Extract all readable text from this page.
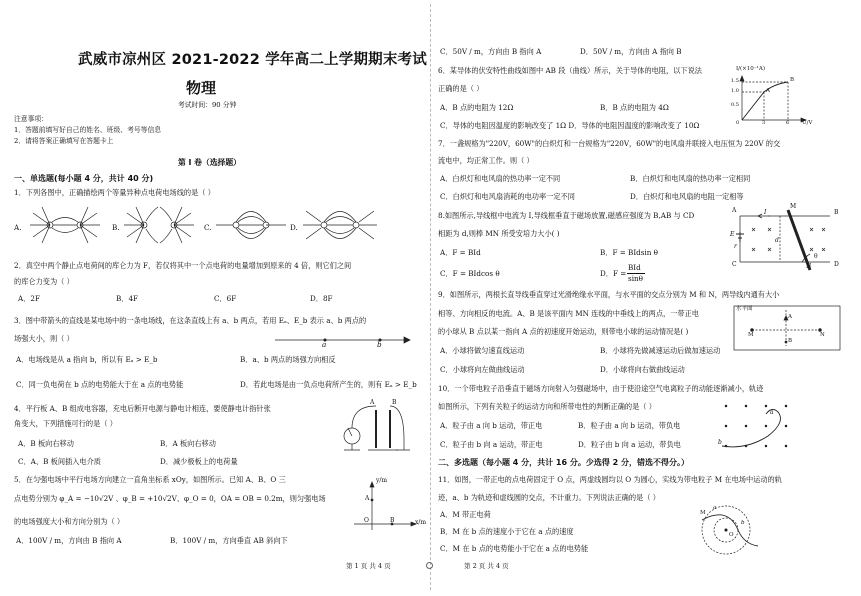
武威市凉州区 2021-2022 学年高二上学期期末考试
物理
考试时间：90 分钟
注意事项：
1．答题前填写好自己的姓名、班级、考号等信息
2．请将答案正确填写在答题卡上
第 I 卷（选择题）
一、单选题(每小题 4 分，共计 40 分)
1．下列各图中，正确描绘两个等量异种点电荷电场线的是（ ）
A.	B.	C.	D.
2．真空中两个静止点电荷间的库仑力为 F，若仅将其中一个点电荷的电量增加到原来的 4 倍，则它们之间
的库仑力变为（ ）
A．2F	B．4F	C．6F	D．8F
3．图中带箭头的直线是某电场中的一条电场线，在这条直线上有 a、b 两点，若用 Eₐ、E_b 表示 a、b 两点的
场强大小，则（ ）
a	b
A．电场线是从 a 指向 b，所以有 Eₐ > E_b	B．a、b 两点的场强方向相反
C．同一负电荷在 b 点的电势能大于在 a 点的电势能	D．若此电场是由一负点电荷所产生的，则有 Eₐ > E_b
4．平行板 A、B 组成电容器，充电后断开电源与静电计相连，要使静电计指针张
角变大，下列措施可行的是（ ）
A．B 板向右移动	B．A 板向右移动
C．A、B 板间插入电介质	D．减少极板上的电荷量
A	B
5．在匀强电场中平行电场方向建立一直角坐标系 xOy，如图所示。已知 A、B、O 三
点电势分别为 φ_A = −10√2V 、φ_B = +10√2V、φ_O = 0，OA = OB = 0.2m，则匀强电场
的电场强度大小和方向分别为（ ）
A．100V / m，方向由 B 指向 A	B．100V / m，方向垂直 AB 斜向下
y/m
x/m
A
B
O
第 1 页 共 4 页
C．50V / m，方向由 B 指向 A	D．50V / m，方向由 A 指向 B
6．某导体的伏安特性曲线如图中 AB 段（曲线）所示，关于导体的电阻，以下说法
正确的是（ ）
A．B 点的电阻为 12Ω	B．B 点的电阻为 4Ω
C．导体的电阻因温度的影响改变了 1Ω D．导体的电阻因温度的影响改变了 10Ω
I/(×10⁻¹A)
U/V
1.5
1.0
0.5
0	3	6
A
B
7．一盏规格为"220V，60W"的白炽灯和一台规格为"220V，60W"的电风扇并联接入电压恒为 220V 的交
流电中，均正常工作。则（ ）
A．白炽灯和电风扇的热功率一定不同	B．白炽灯和电风扇的热功率一定相同
C．白炽灯和电风扇消耗的电功率一定不同	D．白炽灯和电风扇的电阻一定相等
8.如图所示,导线框中电流为 I,导线框垂直于磁场放置,磁感应强度为 B,AB 与 CD
相距为 d,则棒 MN 所受安培力大小( )
A．F = BId	B．F = BIdsin θ
C．F = BIdcos θ	D．F =
BId
sinθ
A	B
C	D
M
N
I
E
r
d
θ
9．如图所示，两根长直导线垂直穿过光滑绝缘水平面，与水平面的交点分别为 M 和 N，两导线内通有大小
相等、方向相反的电流。A、B 是该平面内 MN 连线的中垂线上的两点，一带正电
的小球从 B 点以某一指向 A 点的初速度开始运动，则带电小球的运动情况是( )
A．小球将做匀速直线运动	B．小球将先做减速运动后做加速运动
C．小球将向左做曲线运动	D．小球将向右做曲线运动
水平面
A
B
M	N
10．一个带电粒子沿垂直于磁场方向射入匀强磁场中，由于使沿途空气电离粒子的动能逐渐减小，轨迹
如图所示，下列有关粒子的运动方向和所带电性的判断正确的是（ ）
A．粒子由 a 向 b 运动，带正电	B．粒子由 a 向 b 运动，带负电
C．粒子由 b 向 a 运动，带正电	D．粒子由 b 向 a 运动，带负电
a
b
二、多选题（每小题 4 分，共计 16 分。少选得 2 分，错选不得分。）
11．如图，一带正电的点电荷固定于 O 点，两虚线圆均以 O 为圆心，实线为带电粒子 M 在电场中运动的轨
迹，a、b 为轨迹和虚线圆的交点，不计重力。下列说法正确的是（ ）
A．M 带正电荷
B．M 在 b 点的速度小于它在 a 点的速度
C．M 在 b 点的电势能小于它在 a 点的电势能
O
M
a
b
第 2 页 共 4 页
